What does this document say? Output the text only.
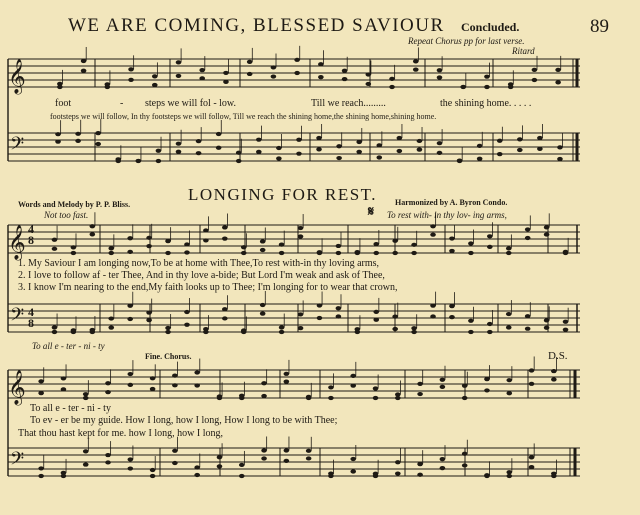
WE ARE COMING, BLESSED SAVIOUR Concluded.	89
Repeat Chorus pp for last verse.
Ritard
𝄞
𝄢
𝄞
𝄢
𝄞
𝄢
foot	- steps we will fol - low.	Till we reach.........	the shining home. . . . .
footsteps we will follow, In thy footsteps we will follow, Till we reach the shining home,the shining home,shining home.
LONGING FOR REST.
Words and Melody by P. P. Bliss.	Harmonized by A. Byron Condo.
Not too fast.	𝄋 To rest with- in thy lov- ing arms,
1. My Saviour I am longing now,To be at home with Thee,To rest with-in thy loving arms,
2. I love to follow af - ter Thee, And in thy love a-bide; But Lord I'm weak and ask of Thee,
3. I know I'm nearing to the end,My faith looks up to Thee; I'm longing for to wear that crown,
To all e - ter - ni - ty
Fine. Chorus.	D.S.
To all e - ter - ni - ty
To ev - er be my guide. How I long, how I long, How I long to be with Thee;
That thou hast kept for me. how I long, how I long,
4
8
4
8
